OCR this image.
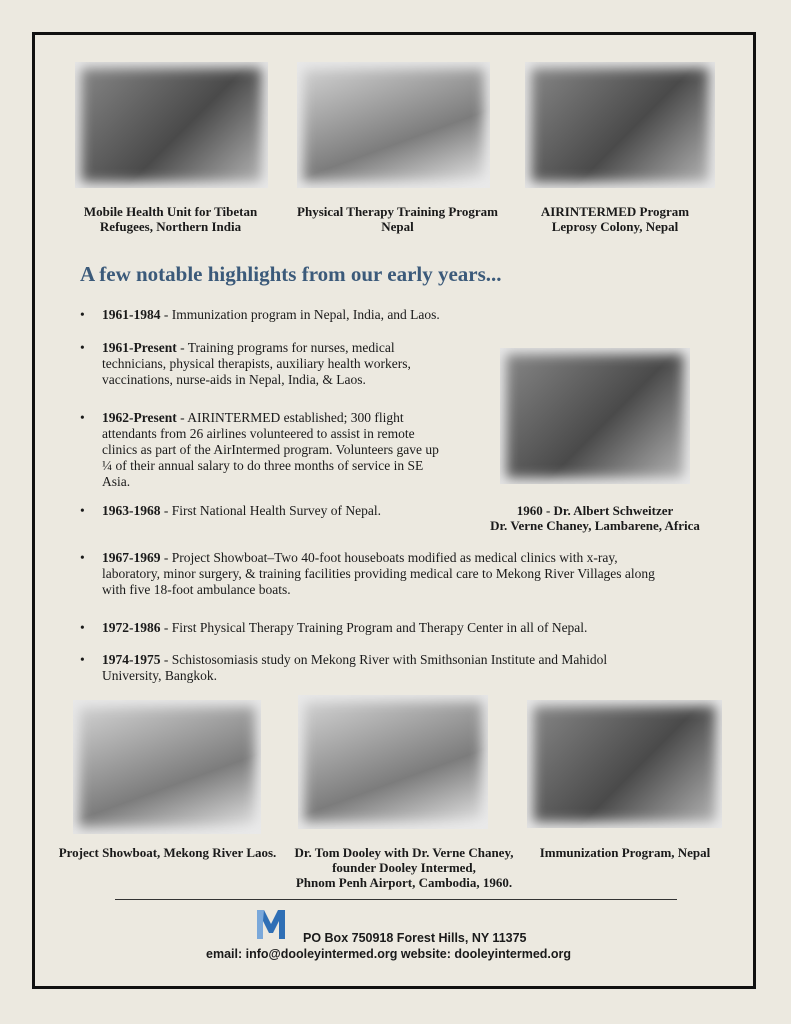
Mobile Health Unit for Tibetan
Refugees, Northern India
Physical Therapy Training Program
Nepal
AIRINTERMED Program
Leprosy Colony, Nepal
A few notable highlights from our early years...
• 1961-1984 - Immunization program in Nepal, India, and Laos.
• 1961-Present - Training programs for nurses, medical technicians, physical therapists, auxiliary health workers, vaccinations, nurse-aids in Nepal, India, & Laos.
• 1962-Present - AIRINTERMED established; 300 flight attendants from 26 airlines volunteered to assist in remote clinics as part of the AirIntermed program. Volunteers gave up ¼ of their annual salary to do three months of service in SE Asia.
• 1963-1968 - First National Health Survey of Nepal.	1960 - Dr. Albert Schweitzer
Dr. Verne Chaney, Lambarene, Africa
• 1967-1969 - Project Showboat–Two 40-foot houseboats modified as medical clinics with x-ray, laboratory, minor surgery, & training facilities providing medical care to Mekong River Villages along with five 18-foot ambulance boats.
• 1972-1986 - First Physical Therapy Training Program and Therapy Center in all of Nepal.
• 1974-1975 - Schistosomiasis study on Mekong River with Smithsonian Institute and Mahidol University, Bangkok.
Project Showboat, Mekong River Laos.	Dr. Tom Dooley with Dr. Verne Chaney,
founder Dooley Intermed,
Phnom Penh Airport, Cambodia, 1960.
Immunization Program, Nepal
PO Box 750918 Forest Hills, NY 11375
email: info@dooleyintermed.org website: dooleyintermed.org
